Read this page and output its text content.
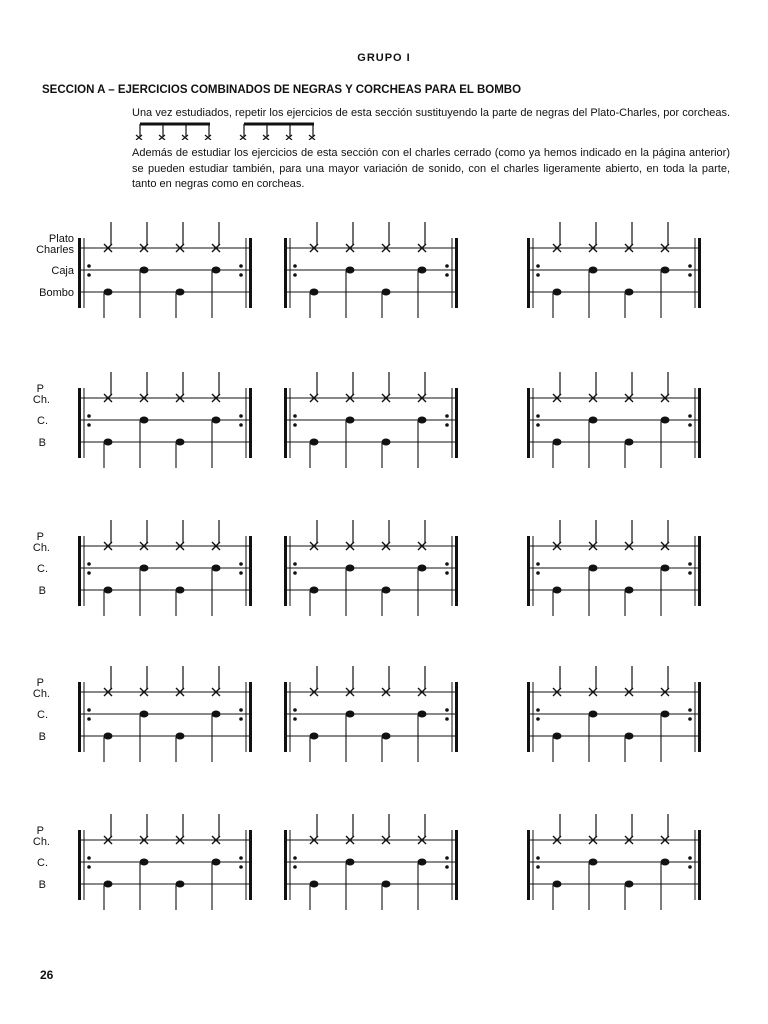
GRUPO I
SECCION A – EJERCICIOS COMBINADOS DE NEGRAS Y CORCHEAS PARA EL BOMBO
Una vez estudiados, repetir los ejercicios de esta sección sustituyendo la parte de negras del Plato-Charles, por corcheas.
Además de estudiar los ejercicios de esta sección con el charles cerrado (como ya hemos indicado en la página anterior) se pueden estudiar también, para una mayor variación de sonido, con el charles ligeramente abierto, en toda la parte, tanto en negras como en corcheas.
Plato
Charles
Caja
Bombo
P
Ch.
C.
B
P
Ch.
C.
B
P
Ch.
C.
B
P
Ch.
C.
B
26
